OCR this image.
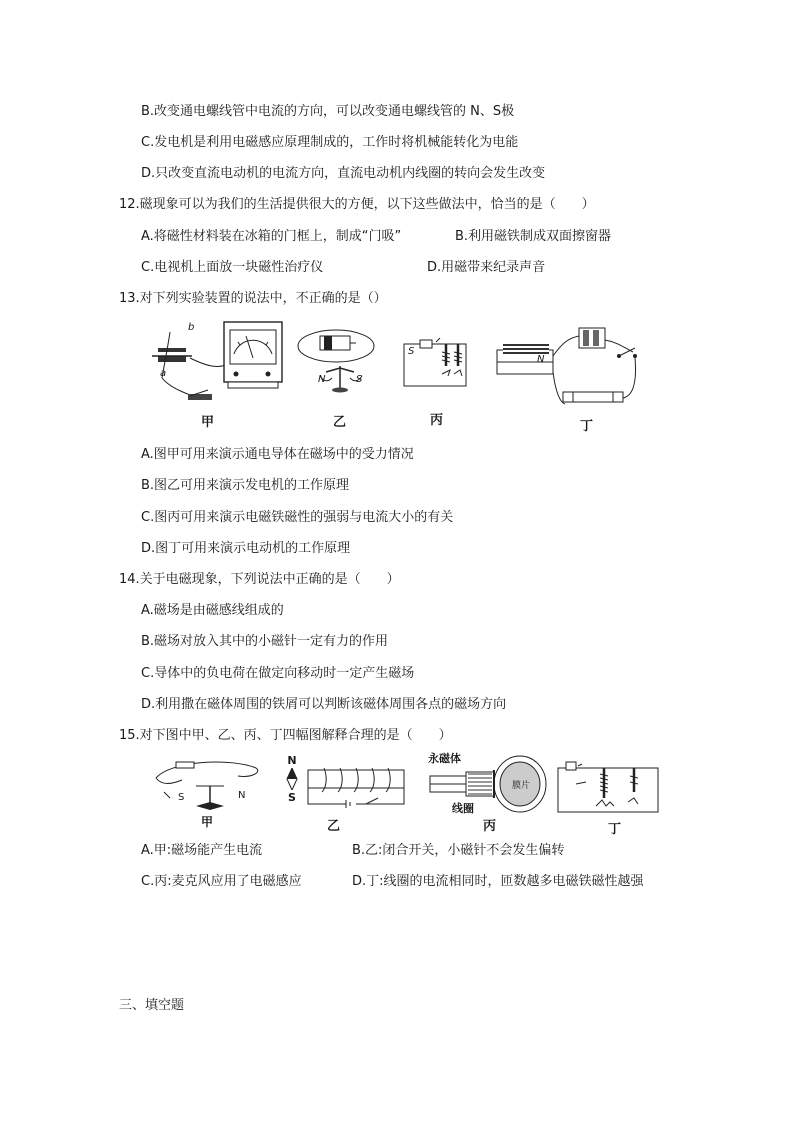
B.改变通电螺线管中电流的方向，可以改变通电螺线管的 N、S极
C.发电机是利用电磁感应原理制成的，工作时将机械能转化为电能
D.只改变直流电动机的电流方向，直流电动机内线圈的转向会发生改变
12.磁现象可以为我们的生活提供很大的方便，以下这些做法中，恰当的是（　　）
A.将磁性材料装在冰箱的门框上，制成“门吸”	B.利用磁铁制成双面擦窗器
C.电视机上面放一块磁性治疗仪	D.用磁带来纪录声音
13.对下列实验装置的说法中，不正确的是（）
b
a
甲
N	S
乙
S
丙
N
丁
A.图甲可用来演示通电导体在磁场中的受力情况
B.图乙可用来演示发电机的工作原理
C.图丙可用来演示电磁铁磁性的强弱与电流大小的有关
D.图丁可用来演示电动机的工作原理
14.关于电磁现象，下列说法中正确的是（　　）
A.磁场是由磁感线组成的
B.磁场对放入其中的小磁针一定有力的作用
C.导体中的负电荷在做定向移动时一定产生磁场
D.利用撒在磁体周围的铁屑可以判断该磁体周围各点的磁场方向
15.对下图中甲、乙、丙、丁四幅图解释合理的是（　　）
S	N
甲
N
S
乙
永磁体
线圈
膜片
丙	丁
A.甲:磁场能产生电流	B.乙:闭合开关，小磁针不会发生偏转
C.丙:麦克风应用了电磁感应	D.丁:线圈的电流相同时，匝数越多电磁铁磁性越强
三、填空题
